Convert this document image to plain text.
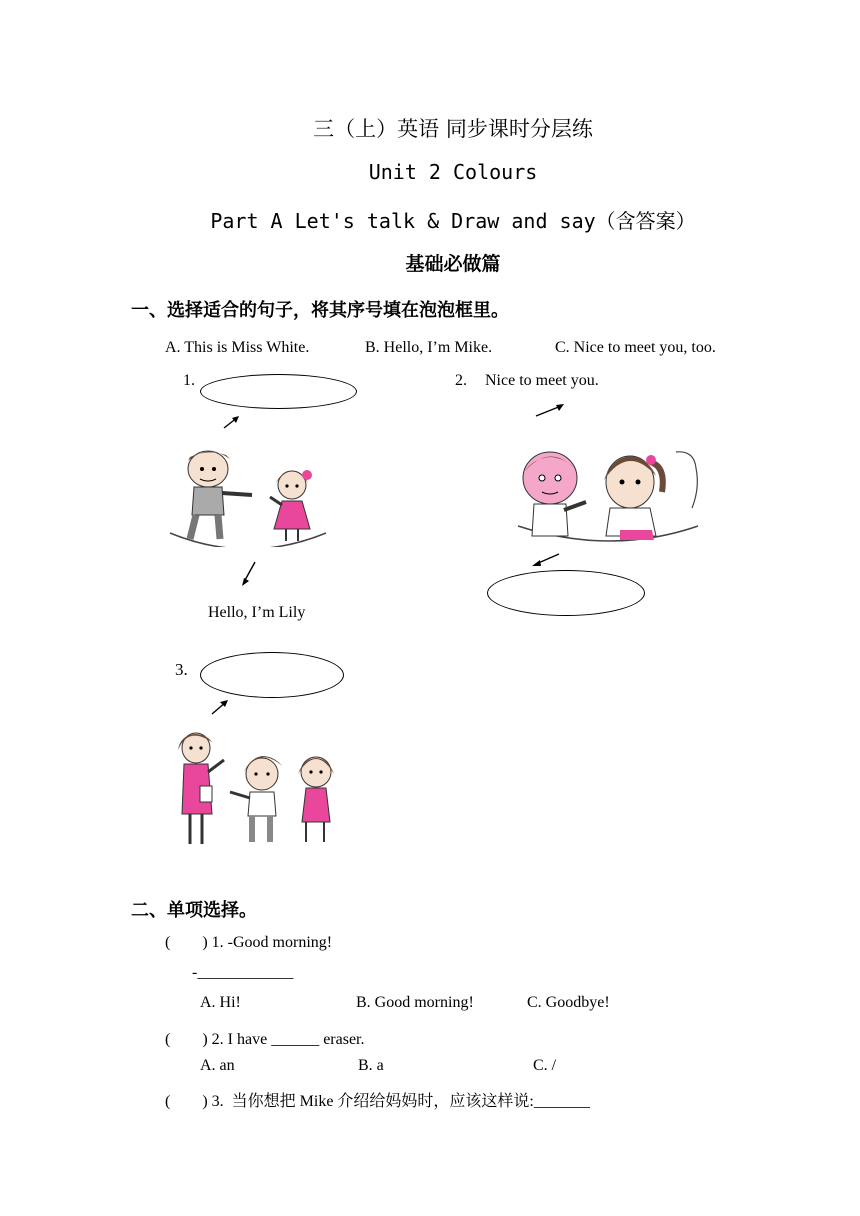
三（上）英语 同步课时分层练
Unit 2 Colours
Part A Let's talk & Draw and say（含答案）
基础必做篇
一、选择适合的句子，将其序号填在泡泡框里。
A. This is Miss White.	B. Hello, I’m Mike.	C. Nice to meet you, too.
1.
Hello, I’m Lily
2. Nice to meet you.
3.
二、单项选择。
(        ) 1. -Good morning!
-____________
A. Hi!	B. Good morning!	C. Goodbye!
(        ) 2. I have ______ eraser.
A. an	B. a	C. /
(        ) 3.  当你想把 Mike 介绍给妈妈时，应该这样说:_______
